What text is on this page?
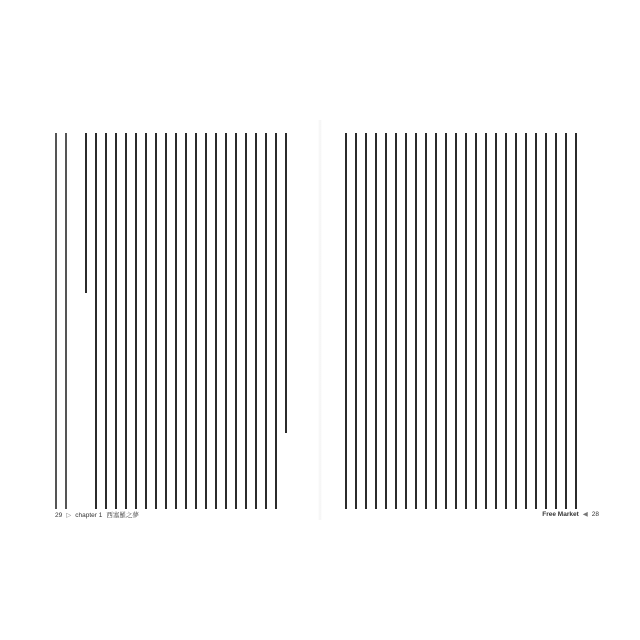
29 ▷ chapter 1 西塞羅之夢	Free Market ◀ 28
